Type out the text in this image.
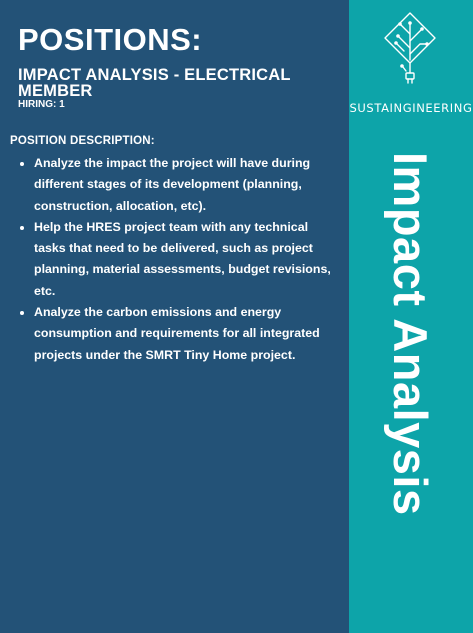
POSITIONS:
IMPACT ANALYSIS - ELECTRICAL MEMBER
HIRING: 1
POSITION DESCRIPTION:
• Analyze the impact the project will have during different stages of its development (planning, construction, allocation, etc).
• Help the HRES project team with any technical tasks that need to be delivered, such as project planning, material assessments, budget revisions, etc.
• Analyze the carbon emissions and energy consumption and requirements for all integrated projects under the SMRT Tiny Home project.
SUSTAINGINEERING
Impact Analysis
